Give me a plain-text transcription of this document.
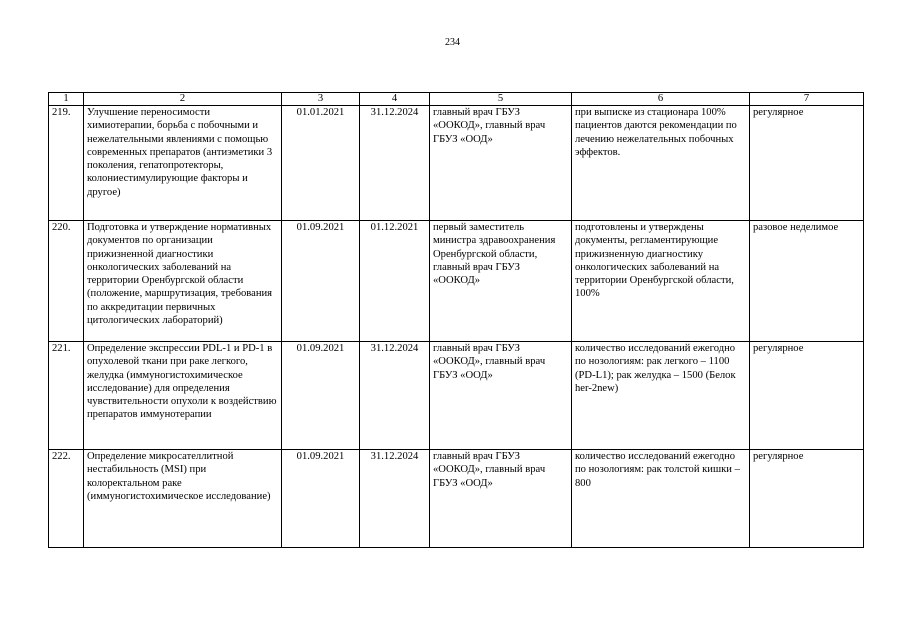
234
1	2	3	4	5	6	7
219.	Улучшение переносимости химиотерапии, борьба с побочными и нежелательными явлениями с помощью современных препаратов (антиэметики 3 поколения, гепатопротекторы, колониестимулирующие факторы и другое)	01.01.2021	31.12.2024	главный врач ГБУЗ «ООКОД», главный врач ГБУЗ «ООД»	при выписке из стационара 100% пациентов даются рекомендации по лечению нежелательных побочных эффектов.	регулярное
220.	Подготовка и утверждение нормативных документов по организации прижизненной диагностики онкологических заболеваний на территории Оренбургской области (положение, маршрутизация, требования по аккредитации первичных цитологических лабораторий)	01.09.2021	01.12.2021	первый заместитель министра здравоохранения Оренбургской области, главный врач ГБУЗ «ООКОД»	подготовлены и утверждены документы, регламентирующие прижизненную диагностику онкологических заболеваний на территории Оренбургской области, 100%	разовое неделимое
221.	Определение экспрессии PDL-1 и PD-1 в опухолевой ткани при раке легкого, желудка (иммуногистохимическое исследование) для определения чувствительности опухоли к воздействию препаратов иммунотерапии	01.09.2021	31.12.2024	главный врач ГБУЗ «ООКОД», главный врач ГБУЗ «ООД»	количество исследований ежегодно по нозологиям: рак легкого – 1100 (PD-L1); рак желудка – 1500 (Белок her-2new)	регулярное
222.	Определение микросателлитной нестабильность (MSI) при колоректальном раке (иммуногистохимическое исследование)	01.09.2021	31.12.2024	главный врач ГБУЗ «ООКОД», главный врач ГБУЗ «ООД»	количество исследований ежегодно по нозологиям: рак толстой кишки – 800	регулярное
